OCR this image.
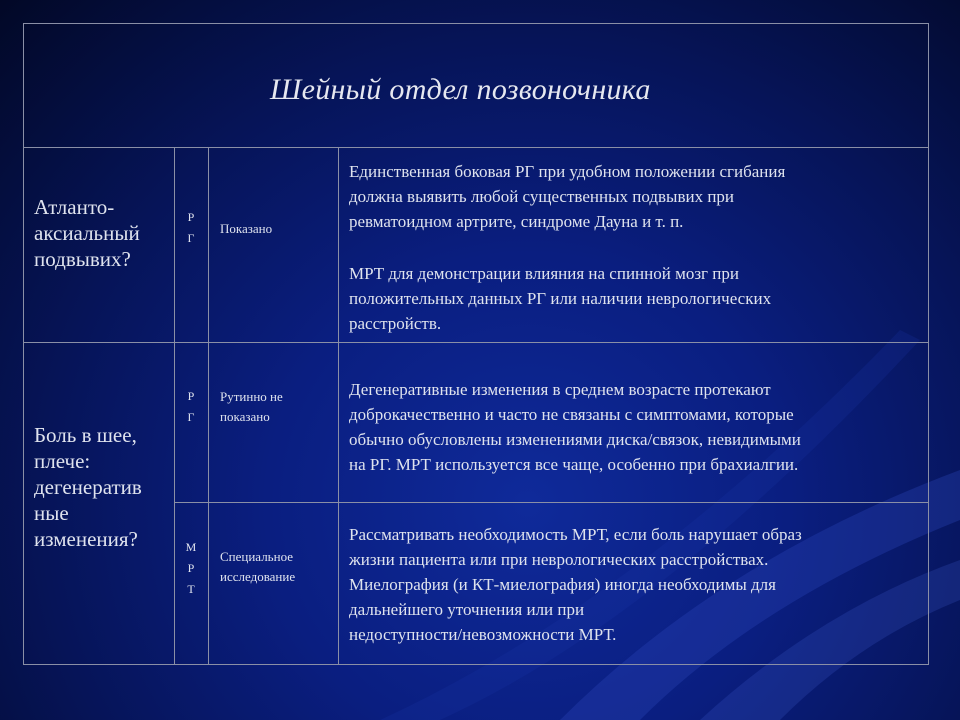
Шейный отдел позвоночника
Атланто-
аксиальный
подвывих?
Р
Г
Показано

Единственная боковая РГ при удобном положении сгибания
должна выявить любой существенных подвывих при
ревматоидном артрите, синдроме Дауна и т. п.

МРТ для демонстрации влияния на спинной мозг при
положительных данных РГ или наличии неврологических
расстройств.

Боль в шее,
плече:
дегенератив
ные
изменения?
Р
Г
Рутинно не
показано

Дегенеративные изменения в среднем возрасте протекают
доброкачественно и часто не связаны с симптомами, которые
обычно обусловлены изменениями диска/связок, невидимыми
на РГ. МРТ используется все чаще, особенно при брахиалгии.

М
Р
Т
Специальное
исследование

Рассматривать необходимость МРТ, если боль нарушает образ
жизни пациента или при неврологических расстройствах.
Миелография (и КТ-миелография) иногда необходимы для
дальнейшего уточнения или при
недоступности/невозможности МРТ.
